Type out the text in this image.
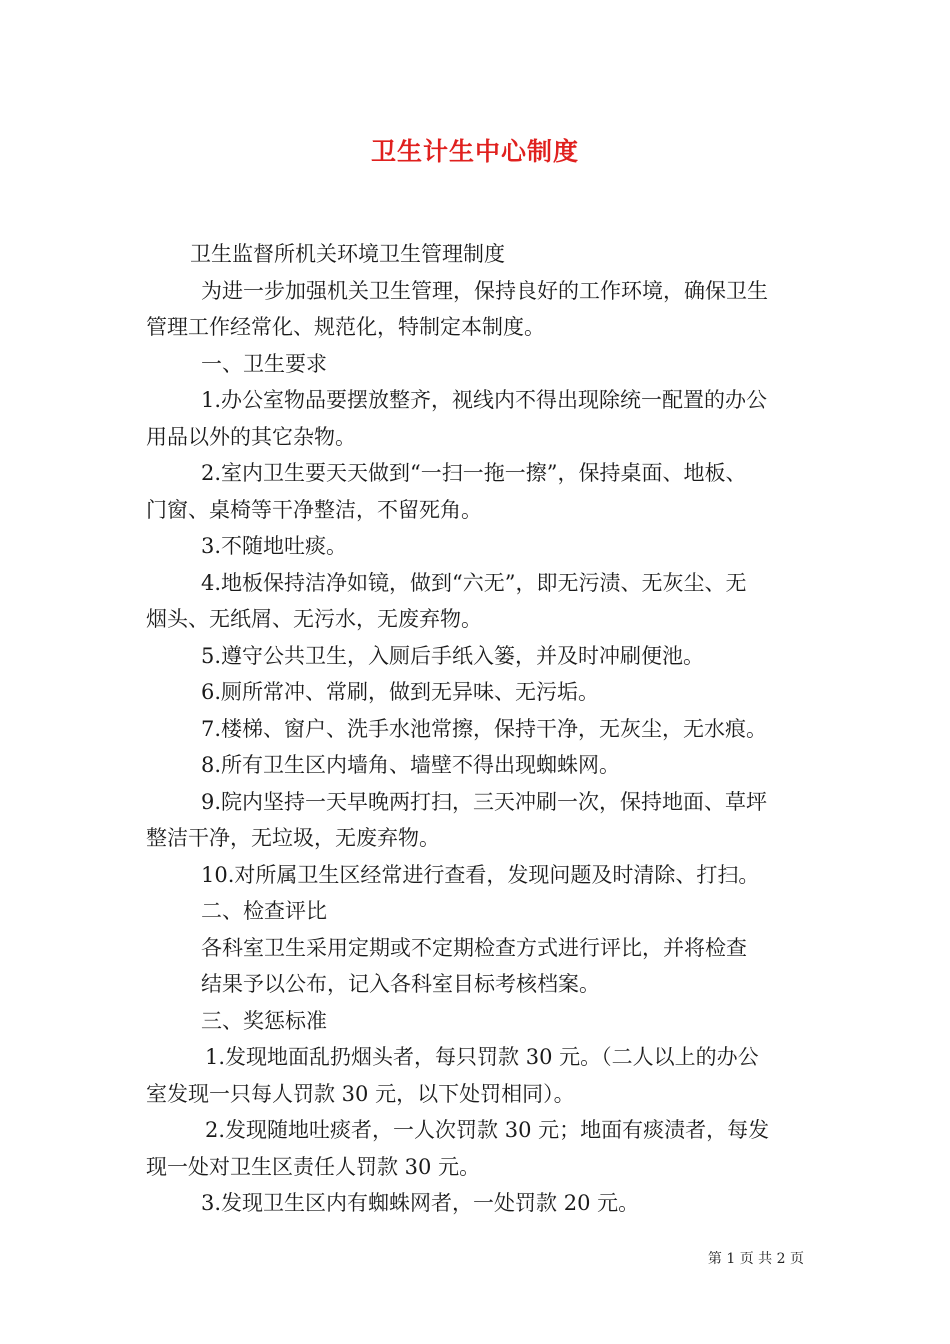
卫生计生中心制度
卫生监督所机关环境卫生管理制度
为进一步加强机关卫生管理，保持良好的工作环境，确保卫生
管理工作经常化、规范化，特制定本制度。
一、卫生要求
1.办公室物品要摆放整齐，视线内不得出现除统一配置的办公
用品以外的其它杂物。
2.室内卫生要天天做到“一扫一拖一擦”，保持桌面、地板、
门窗、桌椅等干净整洁，不留死角。
3.不随地吐痰。
4.地板保持洁净如镜，做到“六无”，即无污渍、无灰尘、无
烟头、无纸屑、无污水，无废弃物。
5.遵守公共卫生，入厕后手纸入篓，并及时冲刷便池。
6.厕所常冲、常刷，做到无异味、无污垢。
7.楼梯、窗户、洗手水池常擦，保持干净，无灰尘，无水痕。
8.所有卫生区内墙角、墙壁不得出现蜘蛛网。
9.院内坚持一天早晚两打扫，三天冲刷一次，保持地面、草坪
整洁干净，无垃圾，无废弃物。
10.对所属卫生区经常进行查看，发现问题及时清除、打扫。
二、检查评比
各科室卫生采用定期或不定期检查方式进行评比，并将检查
结果予以公布，记入各科室目标考核档案。
三、奖惩标准
1.发现地面乱扔烟头者，每只罚款 30 元。（二人以上的办公
室发现一只每人罚款 30 元，以下处罚相同）。
2.发现随地吐痰者，一人次罚款 30 元；地面有痰渍者，每发
现一处对卫生区责任人罚款 30 元。
3.发现卫生区内有蜘蛛网者，一处罚款 20 元。
第 1 页 共 2 页
